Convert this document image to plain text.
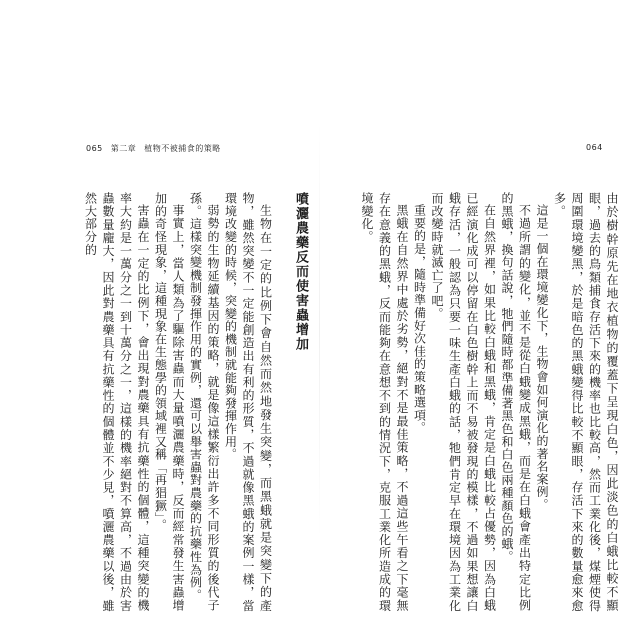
065 第二章 植物不被捕食的策略	064

由於樹幹原先在地衣植物的覆蓋下呈現白色，因此淡色的白蛾比較不顯眼，過去的鳥類捕食存活下來的機率也比較高，然而工業化後，煤煙使得周圍環境變黑，於是暗色的黑蛾變得比較不顯眼，存活下來的數量愈來愈多。

這是一個在環境變化下，生物會如何演化的著名案例。

不過所謂的變化，並不是從白蛾變成黑蛾，而是在白蛾會產出特定比例的黑蛾，換句話說，牠們隨時都準備著黑色和白色兩種顏色的蛾。

在自然界裡，如果比較白蛾和黑蛾，肯定是白蛾比較占優勢，因為白蛾已經演化成可以停留在白色樹幹上而不易被發現的模樣，不過如果想讓白蛾存活，一般認為只要一味生產白蛾的話，牠們肯定早在環境因為工業化而改變時就滅亡了吧。

重要的是，隨時準備好次佳的策略選項。

黑蛾在自然界中處於劣勢，絕對不是最佳策略，不過這些午看之下毫無存在意義的黑蛾，反而能夠在意想不到的情況下，克服工業化所造成的環境變化。

噴灑農藥反而使害蟲增加

生物在一定的比例下會自然而然地發生突變，而黑蛾就是突變下的產物，雖然突變不一定能創造出有利的形質，不過就像黑蛾的案例一樣，當環境改變的時候，突變的機制就能夠發揮作用。

弱勢的生物延續基因的策略，就是像這樣繁衍出許多不同形質的後代子孫。這樣突變機制發揮作用的實例，還可以舉害蟲對農藥的抗藥性為例。

事實上，當人類為了驅除害蟲而大量噴灑農藥時，反而經常發生害蟲增加的奇怪現象，這種現象在生態學的領域裡又稱「再猖獗」。

害蟲在一定的比例下，會出現對農藥具有抗藥性的個體，這種突變的機率大約是一萬分之一到十萬分之一，這樣的機率絕對不算高，不過由於害蟲數量龐大，因此對農藥具有抗藥性的個體並不少見，噴灑農藥以後，雖然大部分的
